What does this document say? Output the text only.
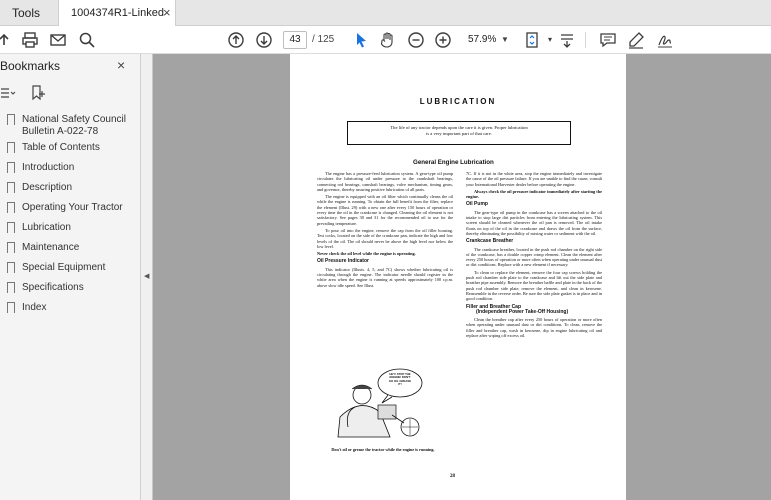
Tools	1004374R1-Linked ×
43	/ 125	57.9% ▼	▾
Bookmarks	×
National Safety Council Bulletin A-022-78
Table of Contents
Introduction
Description
Operating Your Tractor
Lubrication
Maintenance
Special Equipment
Specifications
Index
◀
LUBRICATION
The life of any tractor depends upon the care it is given. Proper lubrication
is a very important part of that care.
General Engine Lubrication

The engine has a pressure-feed lubrication system. A gear-type oil pump circulates the lubricating oil under pressure to the crankshaft bearings, connecting rod bearings, camshaft bearings, valve mechanism, timing gears, and governor, thereby assuring positive lubrication of all parts.

The engine is equipped with an oil filter which continually cleans the oil while the engine is running. To obtain the full benefit from the filter, replace the element (Illust. 29) with a new one after every 150 hours of operation or every time the oil in the crankcase is changed. Cleaning the oil element is not satisfactory. See pages 30 and 31 for the recommended oil to use for the prevailing temperature.

To pour oil into the engine, remove the cap from the oil filler housing. Test cocks, located on the side of the crankcase pan, indicate the high and low levels of the oil. The oil should never be above the high level nor below the low level.

Never check the oil level while the engine is operating.

Oil Pressure Indicator

This indicator (Illusts. 4, 5, and 7C) shows whether lubricating oil is circulating through the engine. The indicator needle should register in the white area when the engine is running at speeds approximately 100 r.p.m. above slow idle speed. See Illust.

HEY! STOP THE ENGINE! DON'T GO OIL GREASE IT!
Don't oil or grease the tractor while the engine is running.

7C. If it is not in the white area, stop the engine immediately and investigate the cause of the oil pressure failure. If you are unable to find the cause, consult your International Harvester dealer before operating the engine.

Always check the oil pressure indicator immediately after starting the engine.

Oil Pump

The gear-type oil pump in the crankcase has a screen attached to the oil intake to stop large dirt particles from entering the lubricating system. This screen should be cleaned whenever the oil pan is removed. The oil intake floats on top of the oil in the crankcase and draws the oil from the surface, thereby eliminating the possibility of mixing water or sediment with the oil.

Crankcase Breather

The crankcase breather, located in the push rod chamber on the right side of the crankcase, has a double copper crimp element. Clean the element after every 250 hours of operation or more often when operating under unusual dust or dirt conditions. Replace with a new element if necessary.

To clean or replace the element, remove the four cap screws holding the push rod chamber side plate to the crankcase and lift out the side plate and breather pipe assembly. Remove the breather baffle and plate in the back of the push rod chamber side plate, remove the element, and clean in kerosene. Reassemble in the reverse order. Be sure the side plate gasket is in place and in good condition.

Filler and Breather Cap
(Independent Power Take-Off Housing)

Clean the breather cap after every 250 hours of operation or more often when operating under unusual dust or dirt conditions. To clean, remove the filler and breather cap, wash in kerosene, dip in engine lubricating oil and replace after wiping off excess oil.

28
